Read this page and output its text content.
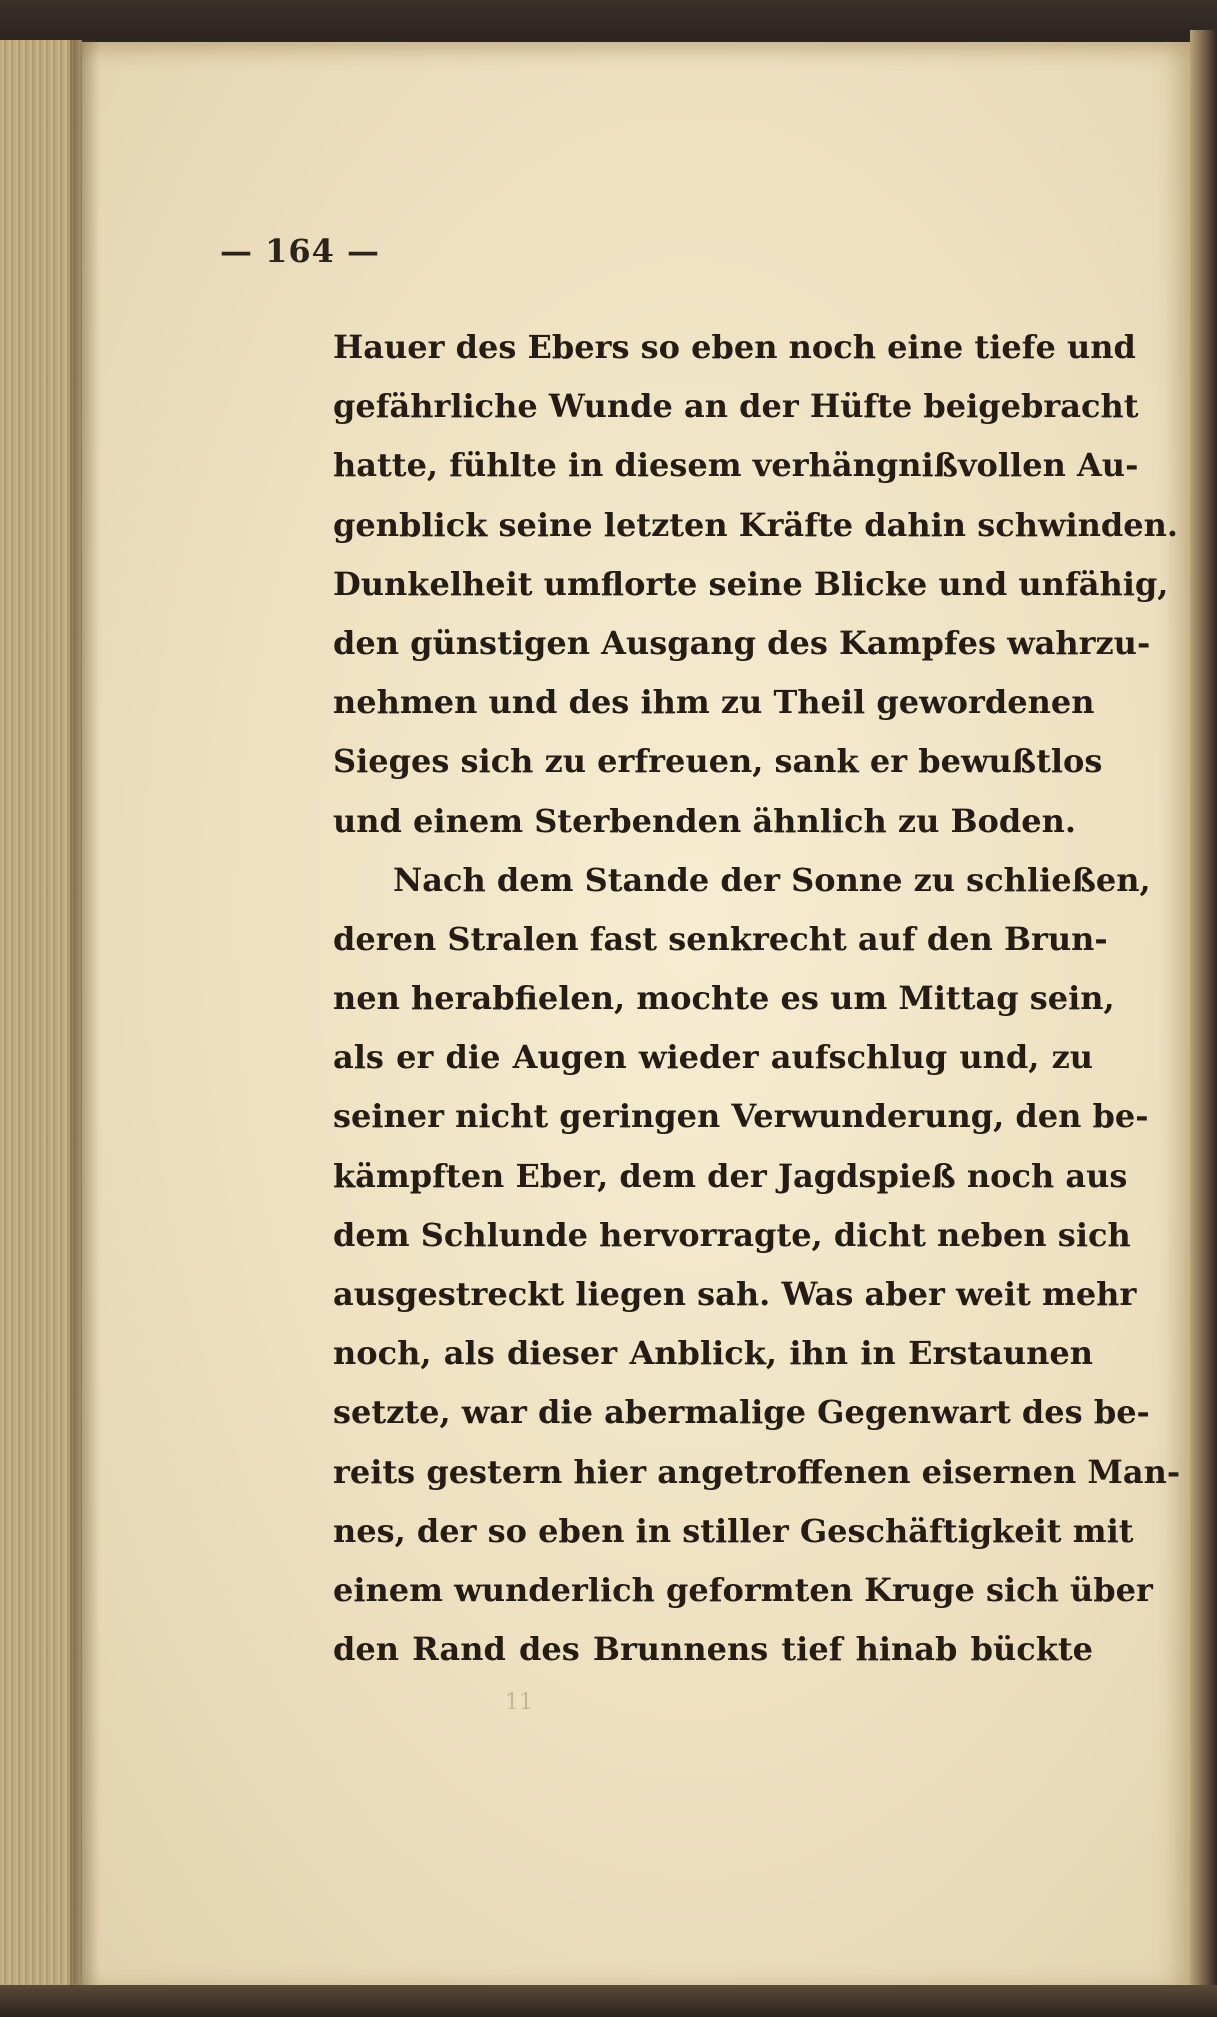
— 164 —
Hauer des Ebers so eben noch eine tiefe und
gefährliche Wunde an der Hüfte beigebracht
hatte, fühlte in diesem verhängnißvollen Au-
genblick seine letzten Kräfte dahin schwinden.
Dunkelheit umflorte seine Blicke und unfähig,
den günstigen Ausgang des Kampfes wahrzu-
nehmen und des ihm zu Theil gewordenen
Sieges sich zu erfreuen, sank er bewußtlos
und einem Sterbenden ähnlich zu Boden.
Nach dem Stande der Sonne zu schließen,
deren Stralen fast senkrecht auf den Brun-
nen herabfielen, mochte es um Mittag sein,
als er die Augen wieder aufschlug und, zu
seiner nicht geringen Verwunderung, den be-
kämpften Eber, dem der Jagdspieß noch aus
dem Schlunde hervorragte, dicht neben sich
ausgestreckt liegen sah. Was aber weit mehr
noch, als dieser Anblick, ihn in Erstaunen
setzte, war die abermalige Gegenwart des be-
reits gestern hier angetroffenen eisernen Man-
nes, der so eben in stiller Geschäftigkeit mit
einem wunderlich geformten Kruge sich über
den Rand des Brunnens tief hinab bückte
11
